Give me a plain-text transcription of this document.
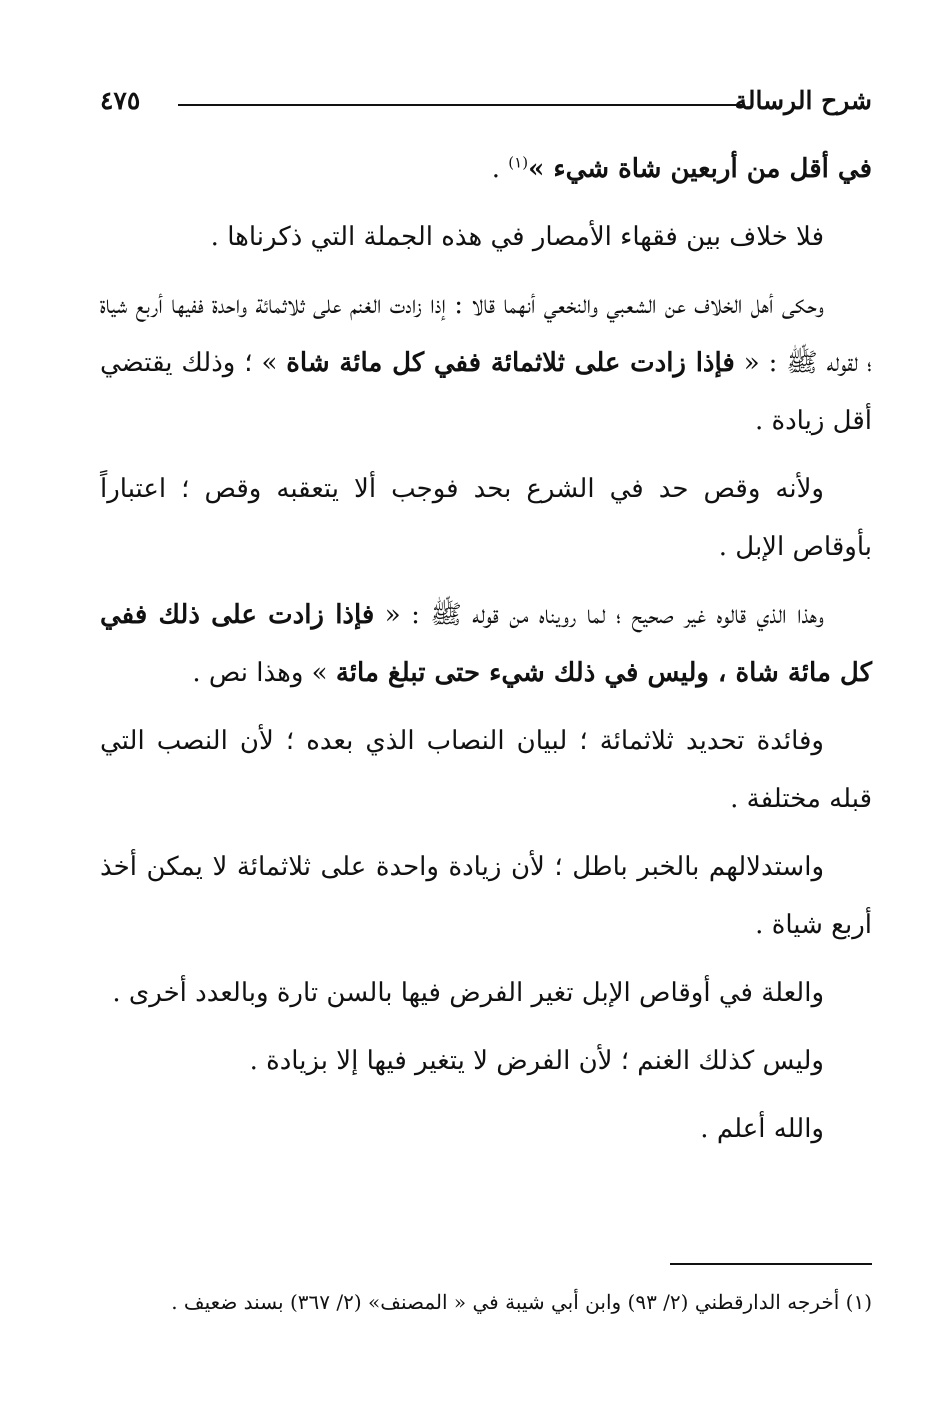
شرح الرسالة
٤٧٥

في أقل من أربعين شاة شيء »$^{(١)}$ .

فلا خلاف بين فقهاء الأمصار في هذه الجملة التي ذكرناها .

وحكى أهل الخلاف عن الشعبي والنخعي أنهما قالا : إذا زادت الغنم على ثلاثمائة واحدة ففيها أربع شياة ؛ لقوله ﷺ : « فإذا زادت على ثلاثمائة ففي كل مائة شاة » ؛ وذلك يقتضي أقل زيادة .

ولأنه وقص حد في الشرع بحد فوجب ألا يتعقبه وقص ؛ اعتباراً بأوقاص الإبل .

وهذا الذي قالوه غير صحيح ؛ لما رويناه من قوله ﷺ : « فإذا زادت على ذلك ففي كل مائة شاة ، وليس في ذلك شيء حتى تبلغ مائة » وهذا نص .

وفائدة تحديد ثلاثمائة ؛ لبيان النصاب الذي بعده ؛ لأن النصب التي قبله مختلفة .

واستدلالهم بالخبر باطل ؛ لأن زيادة واحدة على ثلاثمائة لا يمكن أخذ أربع شياة .

والعلة في أوقاص الإبل تغير الفرض فيها بالسن تارة وبالعدد أخرى .

وليس كذلك الغنم ؛ لأن الفرض لا يتغير فيها إلا بزيادة .

والله أعلم .

(١) أخرجه الدارقطني (٢/ ٩٣) وابن أبي شيبة في « المصنف» (٢/ ٣٦٧) بسند ضعيف .
